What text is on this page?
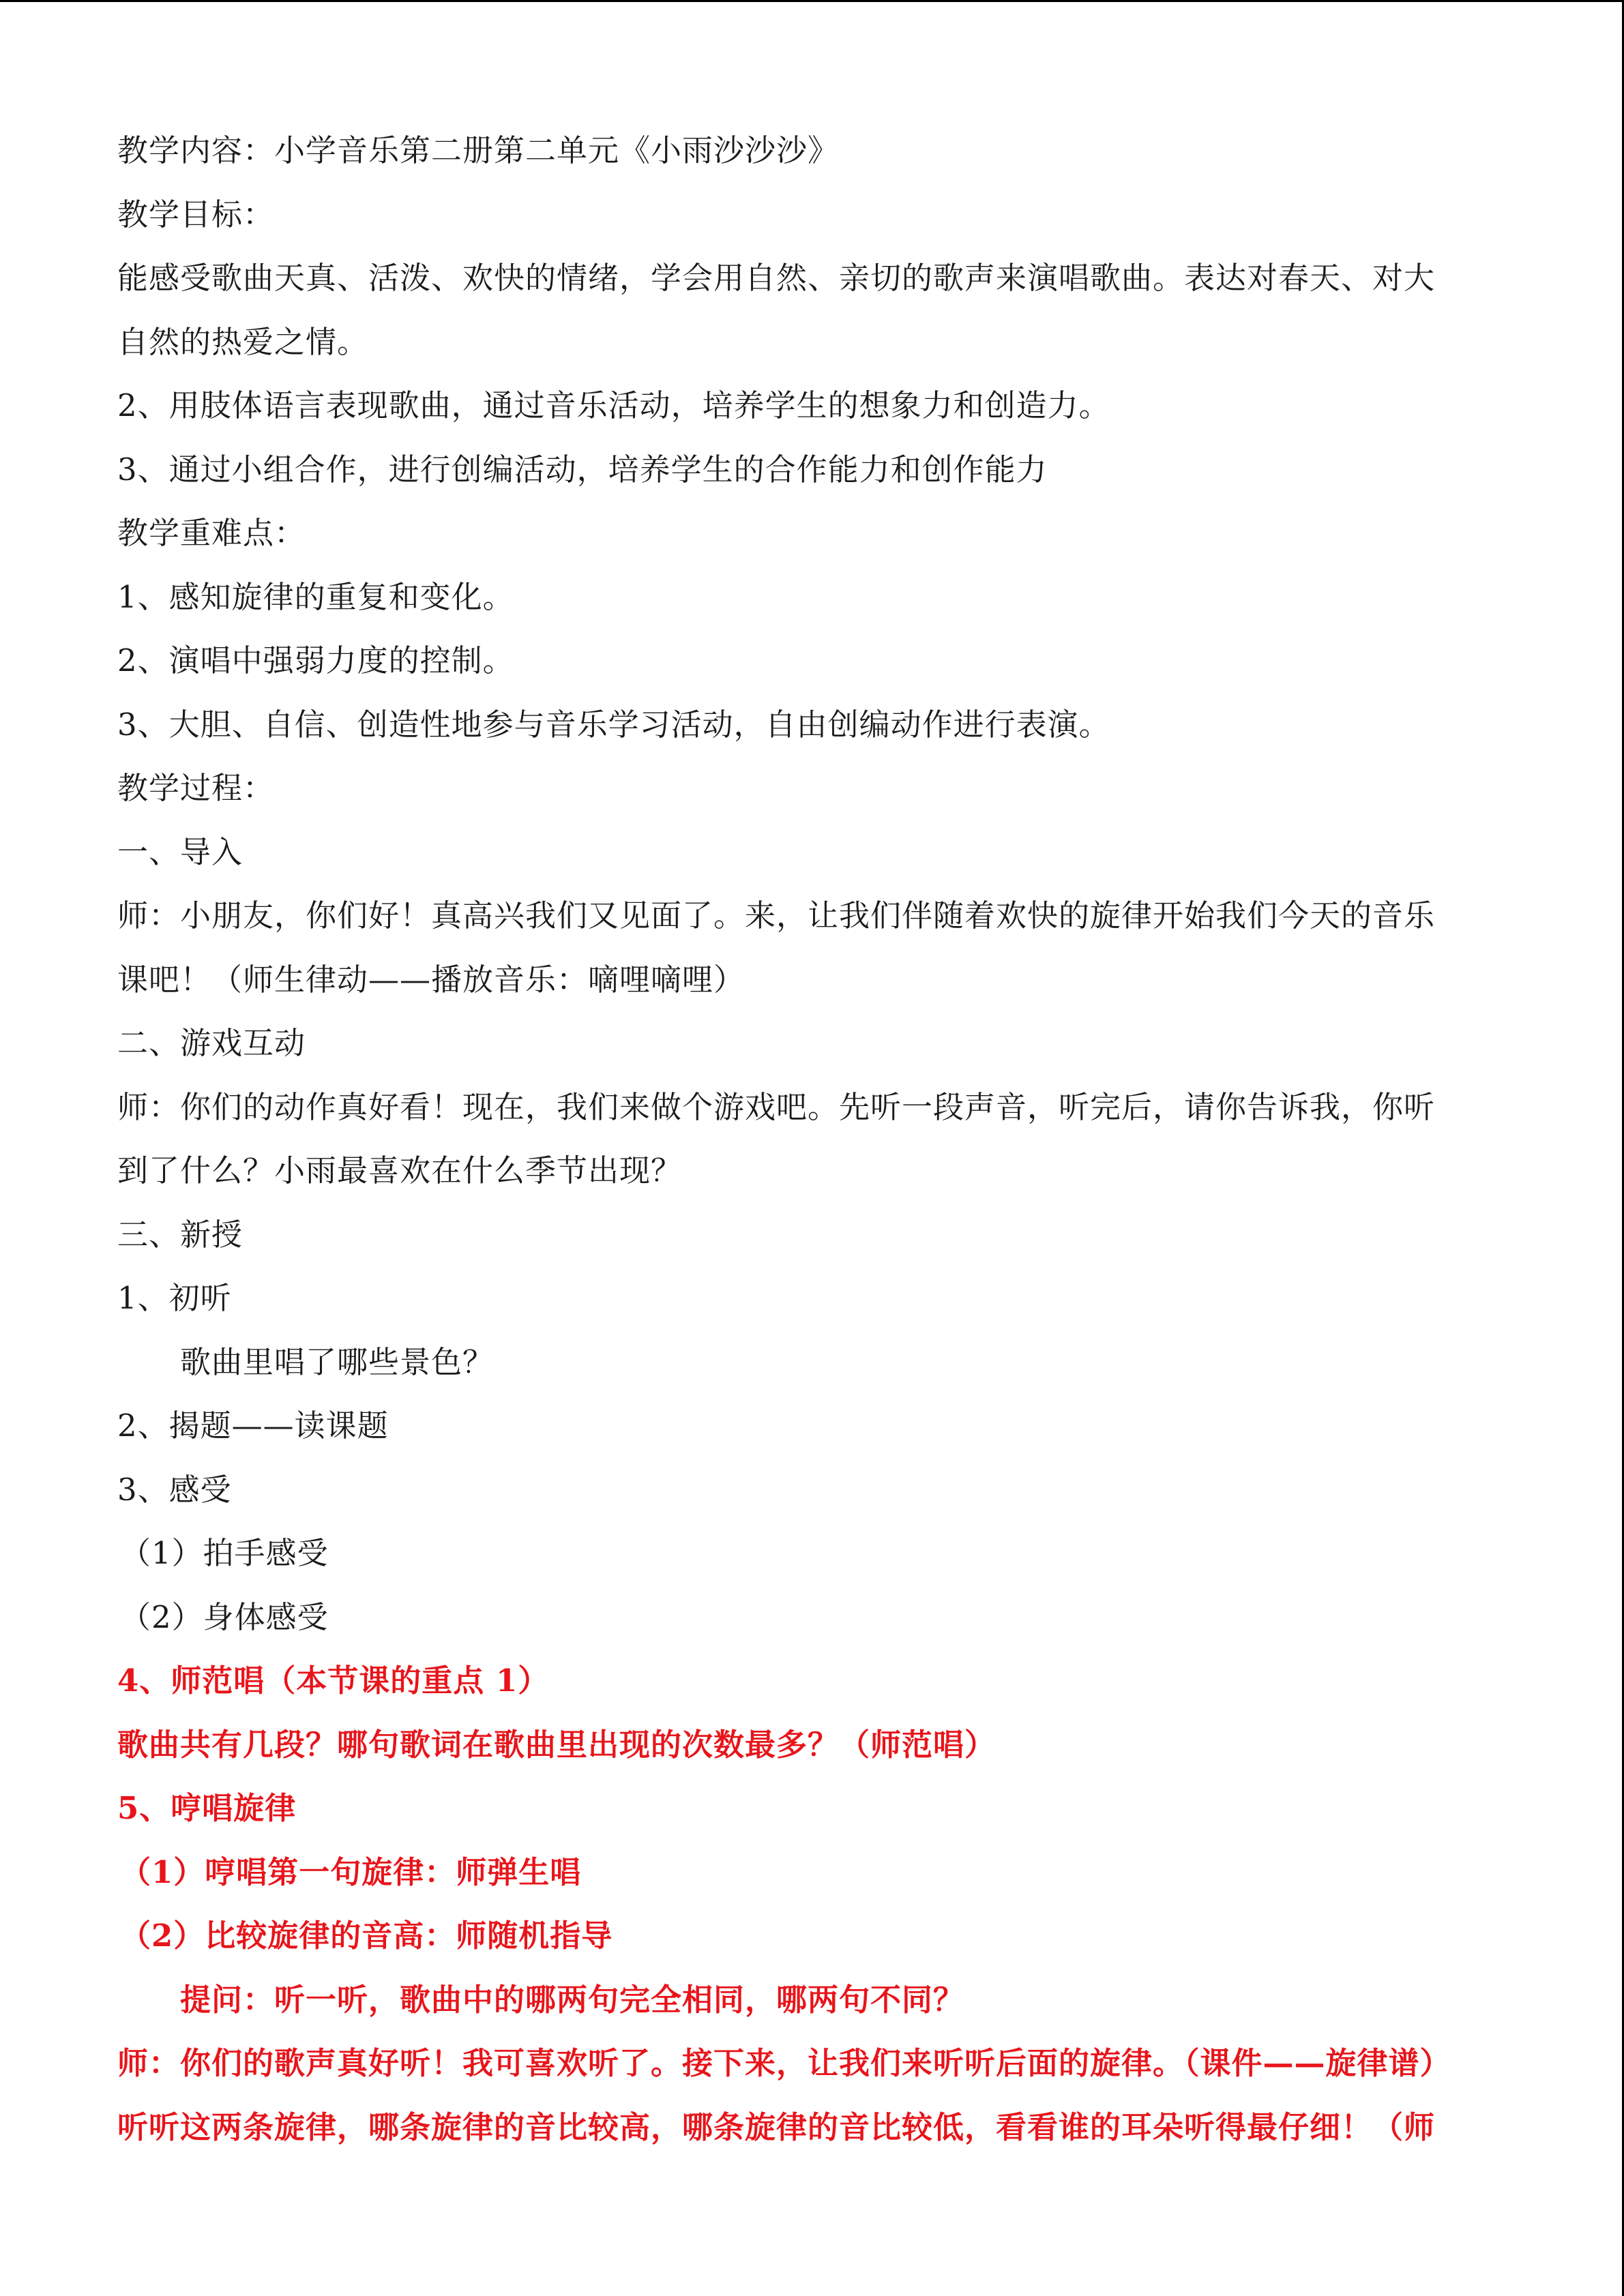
教学内容：小学音乐第二册第二单元《小雨沙沙沙》
教学目标：
能感受歌曲天真、活泼、欢快的情绪，学会用自然、亲切的歌声来演唱歌曲。表达对春天、对大
自然的热爱之情。
2、用肢体语言表现歌曲，通过音乐活动，培养学生的想象力和创造力。
3、通过小组合作，进行创编活动，培养学生的合作能力和创作能力
教学重难点：
1、感知旋律的重复和变化。
2、演唱中强弱力度的控制。
3、大胆、自信、创造性地参与音乐学习活动，自由创编动作进行表演。
教学过程：
一、导入
师：小朋友，你们好！真高兴我们又见面了。来，让我们伴随着欢快的旋律开始我们今天的音乐
课吧！（师生律动——播放音乐：嘀哩嘀哩）
二、游戏互动
师：你们的动作真好看！现在，我们来做个游戏吧。先听一段声音，听完后，请你告诉我，你听
到了什么？小雨最喜欢在什么季节出现？
三、新授
1、初听
歌曲里唱了哪些景色？
2、揭题——读课题
3、感受
（1）拍手感受
（2）身体感受
4、师范唱（本节课的重点 1）
歌曲共有几段？哪句歌词在歌曲里出现的次数最多？（师范唱）
5、哼唱旋律
（1）哼唱第一句旋律：师弹生唱
（2）比较旋律的音高：师随机指导
提问：听一听，歌曲中的哪两句完全相同，哪两句不同？
师：你们的歌声真好听！我可喜欢听了。接下来，让我们来听听后面的旋律。（课件——旋律谱）
听听这两条旋律，哪条旋律的音比较高，哪条旋律的音比较低，看看谁的耳朵听得最仔细！（师
